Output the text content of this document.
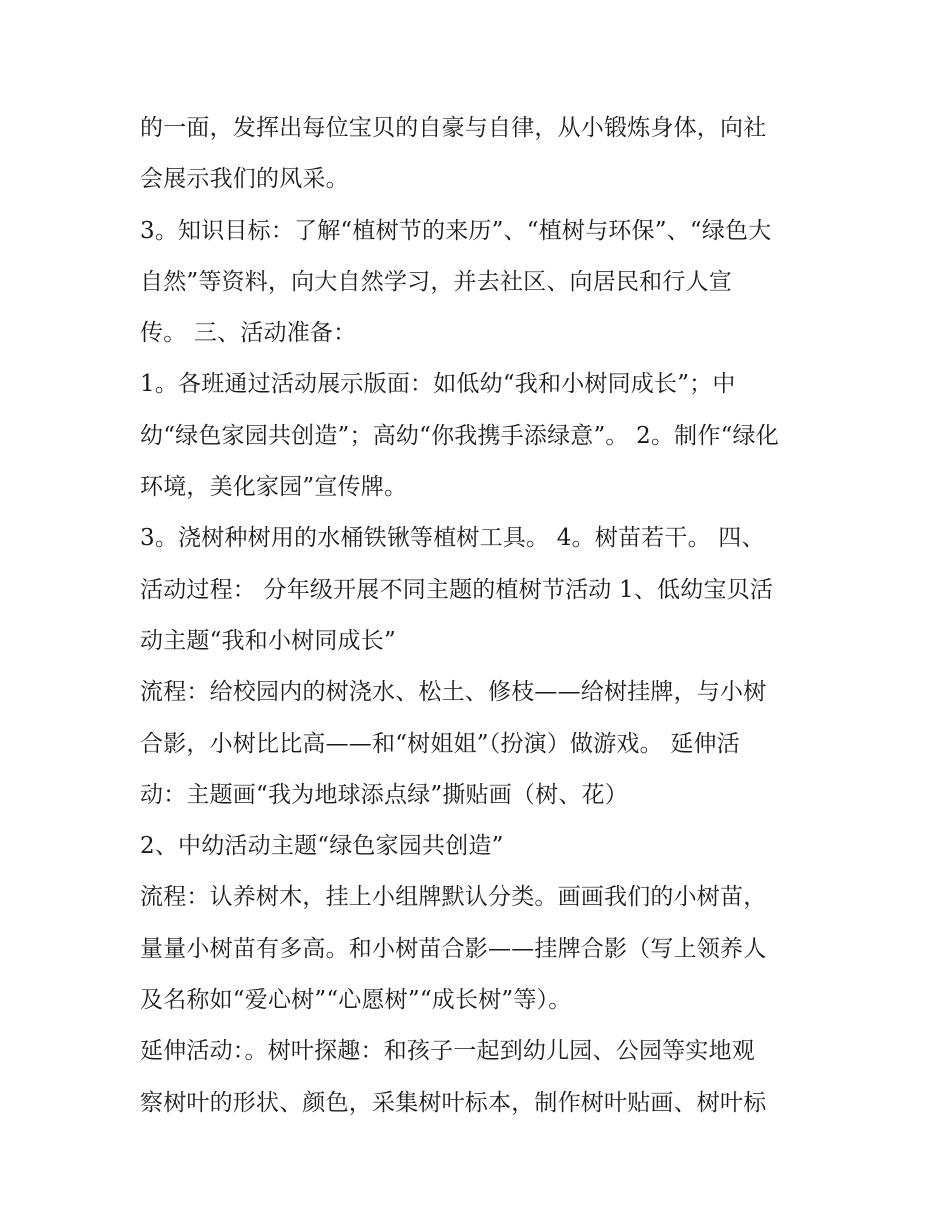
的一面，发挥出每位宝贝的自豪与自律，从小锻炼身体，向社
会展示我们的风采。
3。知识目标：了解“植树节的来历”、“植树与环保”、“绿色大
自然”等资料，向大自然学习，并去社区、向居民和行人宣
传。 三、活动准备：
1。各班通过活动展示版面：如低幼“我和小树同成长”；中
幼“绿色家园共创造”；高幼“你我携手添绿意”。 2。制作“绿化
环境，美化家园”宣传牌。
3。浇树种树用的水桶铁锹等植树工具。 4。树苗若干。 四、
活动过程： 分年级开展不同主题的植树节活动 1、低幼宝贝活
动主题“我和小树同成长”
流程：给校园内的树浇水、松土、修枝——给树挂牌，与小树
合影，小树比比高——和“树姐姐”（扮演）做游戏。 延伸活
动：主题画“我为地球添点绿”撕贴画（树、花）
2、中幼活动主题“绿色家园共创造”
流程：认养树木，挂上小组牌默认分类。画画我们的小树苗，
量量小树苗有多高。和小树苗合影——挂牌合影（写上领养人
及名称如“爱心树”“心愿树”“成长树”等）。
延伸活动：。树叶探趣：和孩子一起到幼儿园、公园等实地观
察树叶的形状、颜色，采集树叶标本，制作树叶贴画、树叶标
